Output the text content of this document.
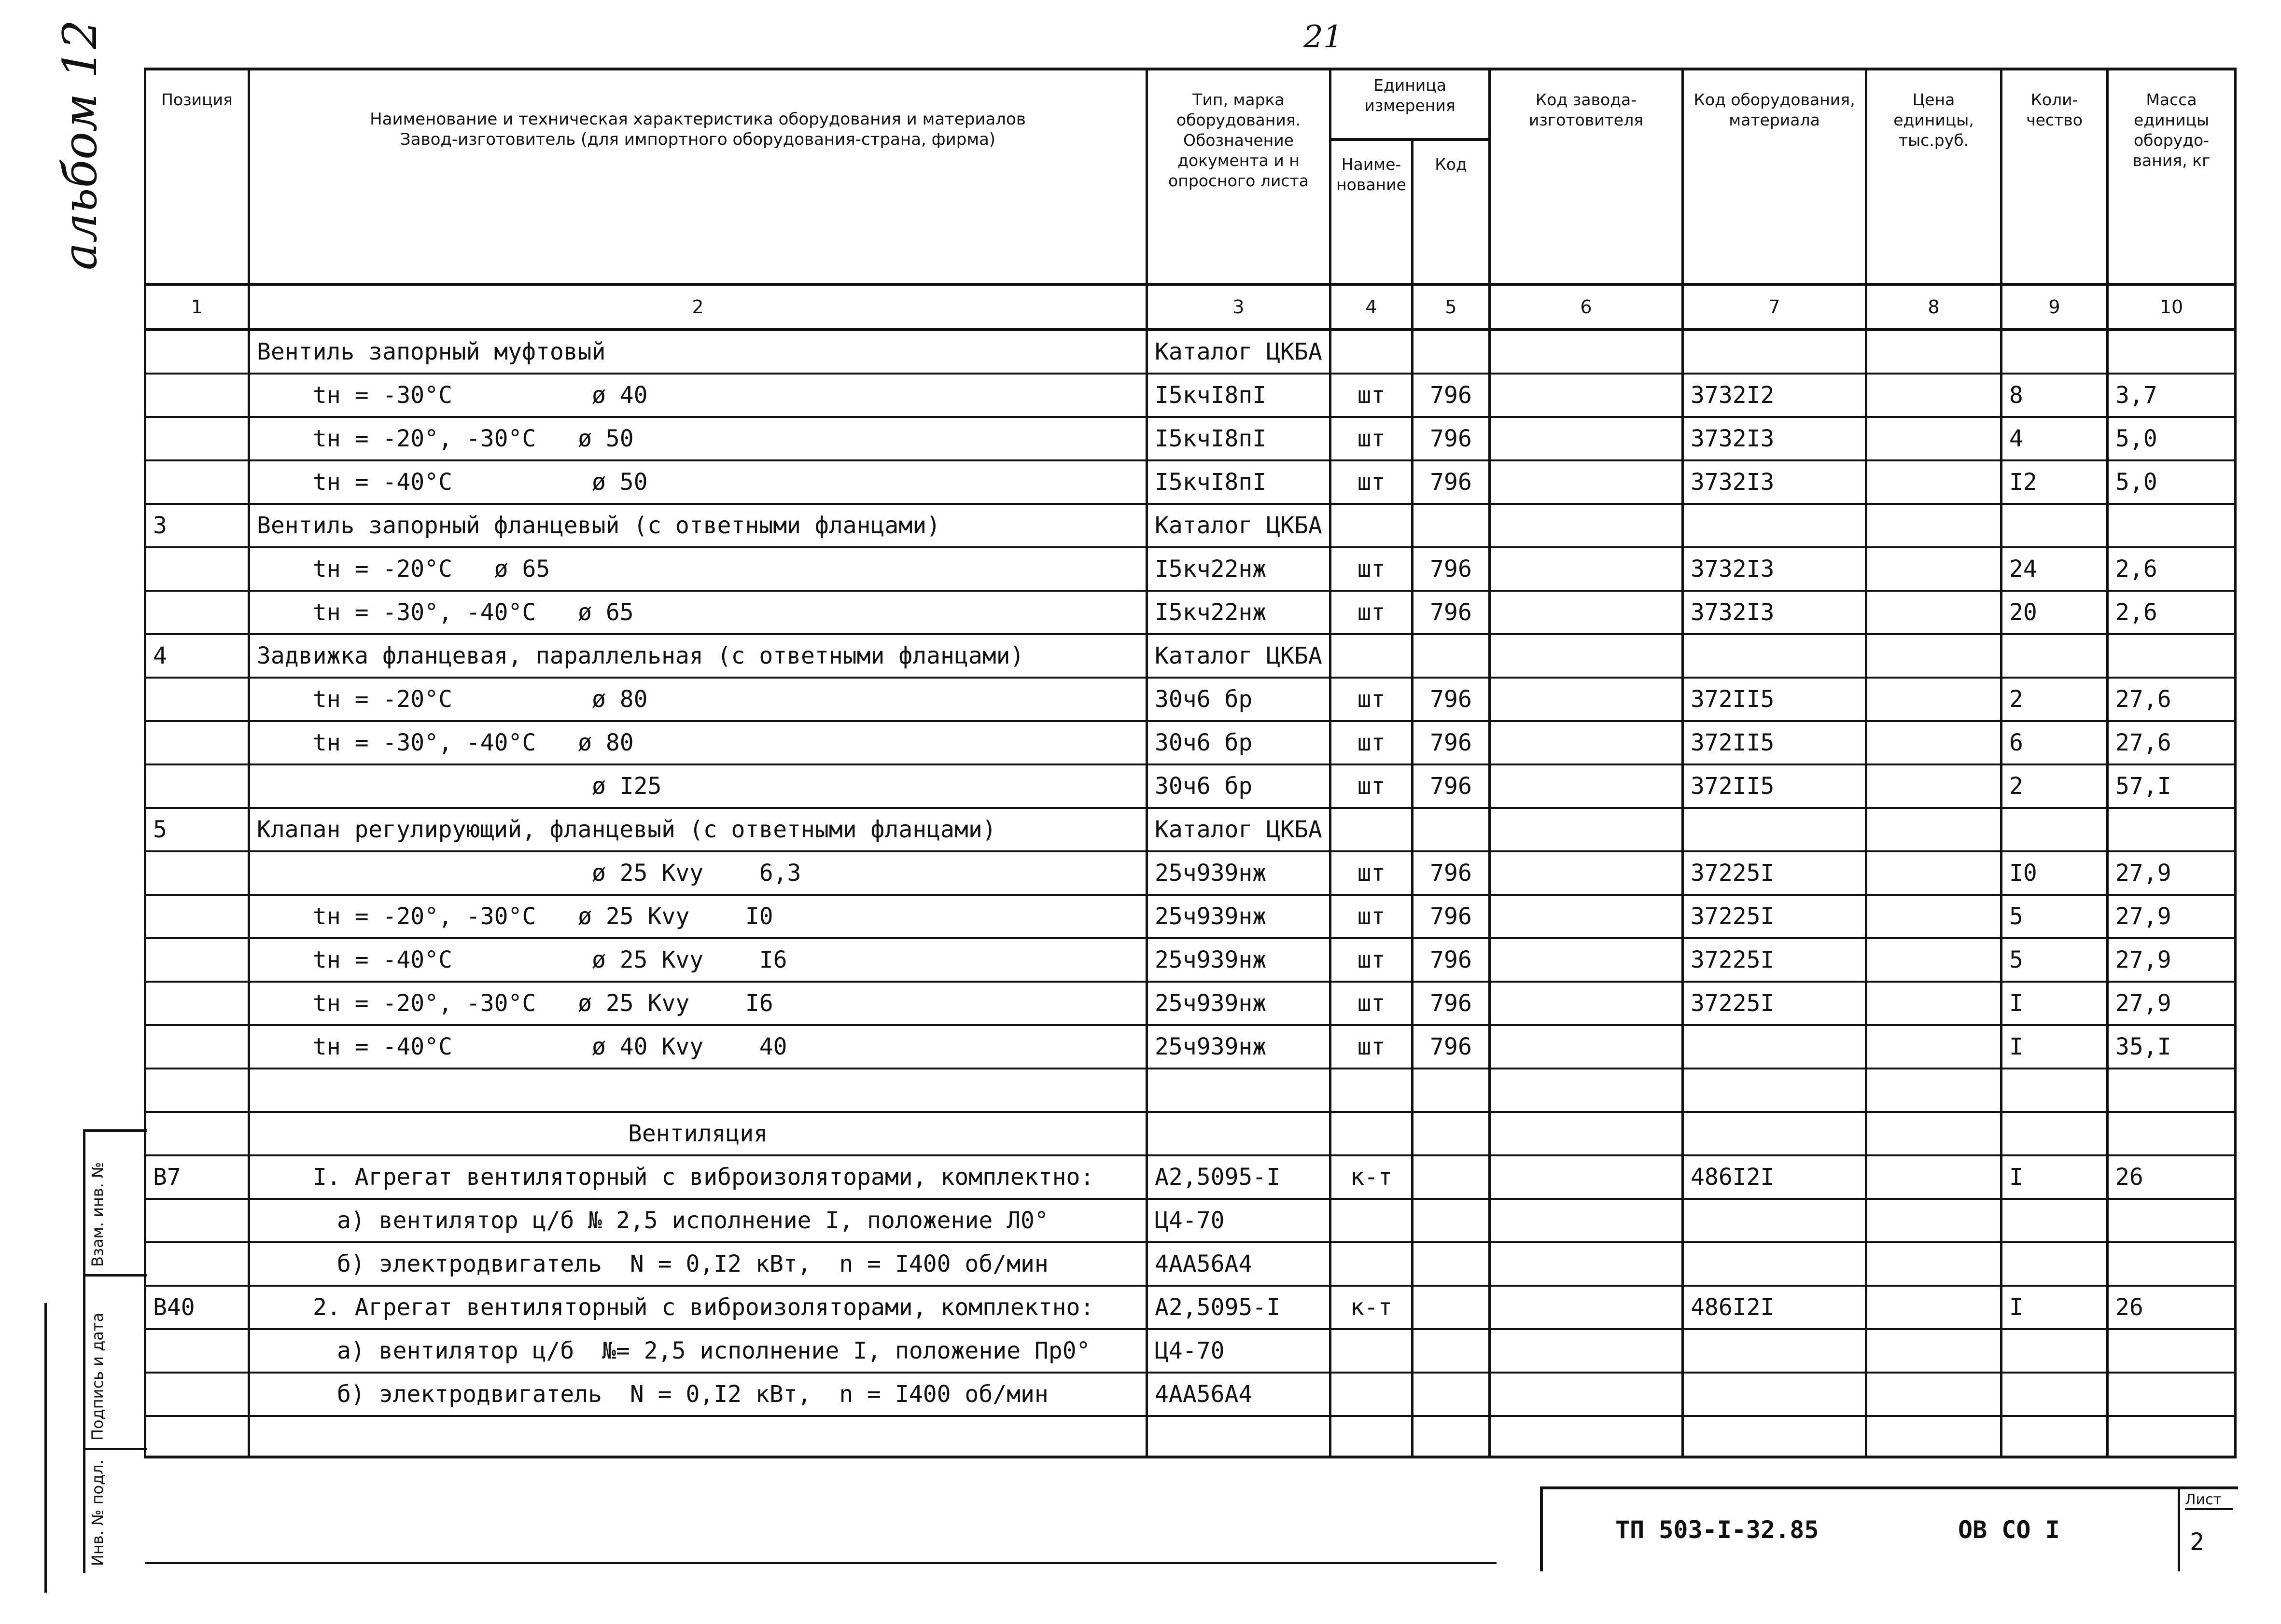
21
альбом 12	Позиция	Наименование и техническая характеристика оборудования и материалов Завод-изготовитель (для импортного оборудования-страна, фирма)	Тип, марка оборудования. Обозначение документа и н опросного листа	Единица измерения		Код завода-изготовителя	Код оборудования, материала	Цена единицы, тыс.руб.	Коли-чество	Масса единицы оборудо-вания, кг
			Наиме-нование	Код					
1	2	3	4	5	6	7	8	9	10
	Вентиль запорный муфтовый	Каталог ЦКБА							
	tн = -30°С          ø 40	I5кчI8пI	шт	796		3732I2		8	3,7
	tн = -20°, -30°С   ø 50	I5кчI8пI	шт	796		3732I3		4	5,0
	tн = -40°С          ø 50	I5кчI8пI	шт	796		3732I3		I2	5,0
3	Вентиль запорный фланцевый (с ответными фланцами)	Каталог ЦКБА							
	tн = -20°С   ø 65	I5кч22нж	шт	796		3732I3		24	2,6
	tн = -30°, -40°С   ø 65	I5кч22нж	шт	796		3732I3		20	2,6
4	Задвижка фланцевая, параллельная (с ответными фланцами)	Каталог ЦКБА							
	tн = -20°С          ø 80	30ч6 бр	шт	796		372II5		2	27,6
	tн = -30°, -40°С   ø 80	30ч6 бр	шт	796		372II5		6	27,6
	ø I25	30ч6 бр	шт	796		372II5		2	57,I
5	Клапан регулирующий, фланцевый (с ответными фланцами)	Каталог ЦКБА							
	ø 25 Kvy    6,3	25ч939нж	шт	796		37225I		I0	27,9
	tн = -20°, -30°С   ø 25 Kvy    I0	25ч939нж	шт	796		37225I		5	27,9
	tн = -40°С          ø 25 Kvy    I6	25ч939нж	шт	796		37225I		5	27,9
	tн = -20°, -30°С   ø 25 Kvy    I6	25ч939нж	шт	796		37225I		I	27,9
	tн = -40°С          ø 40 Kvy    40	25ч939нж	шт	796				I	35,I

	Вентиляция								
В7	I. Агрегат вентиляторный с виброизоляторами, комплектно:	А2,5095-I	к-т			486I2I		I	26
	а) вентилятор ц/б № 2,5 исполнение I, положение Л0°	Ц4-70							
	б) электродвигатель  N = 0,I2 кВт,  n = I400 об/мин	4АА56А4							
В40	2. Агрегат вентиляторный с виброизоляторами, комплектно:	А2,5095-I	к-т			486I2I		I	26
	а) вентилятор ц/б  №= 2,5 исполнение I, положение Пр0°	Ц4-70							
	б) электродвигатель  N = 0,I2 кВт,  n = I400 об/мин	4АА56А4							

Взам. инв. №
Подпись и дата
Инв. № подл.	ТП 503-I-32.85	ОВ СО I
Лист
2
